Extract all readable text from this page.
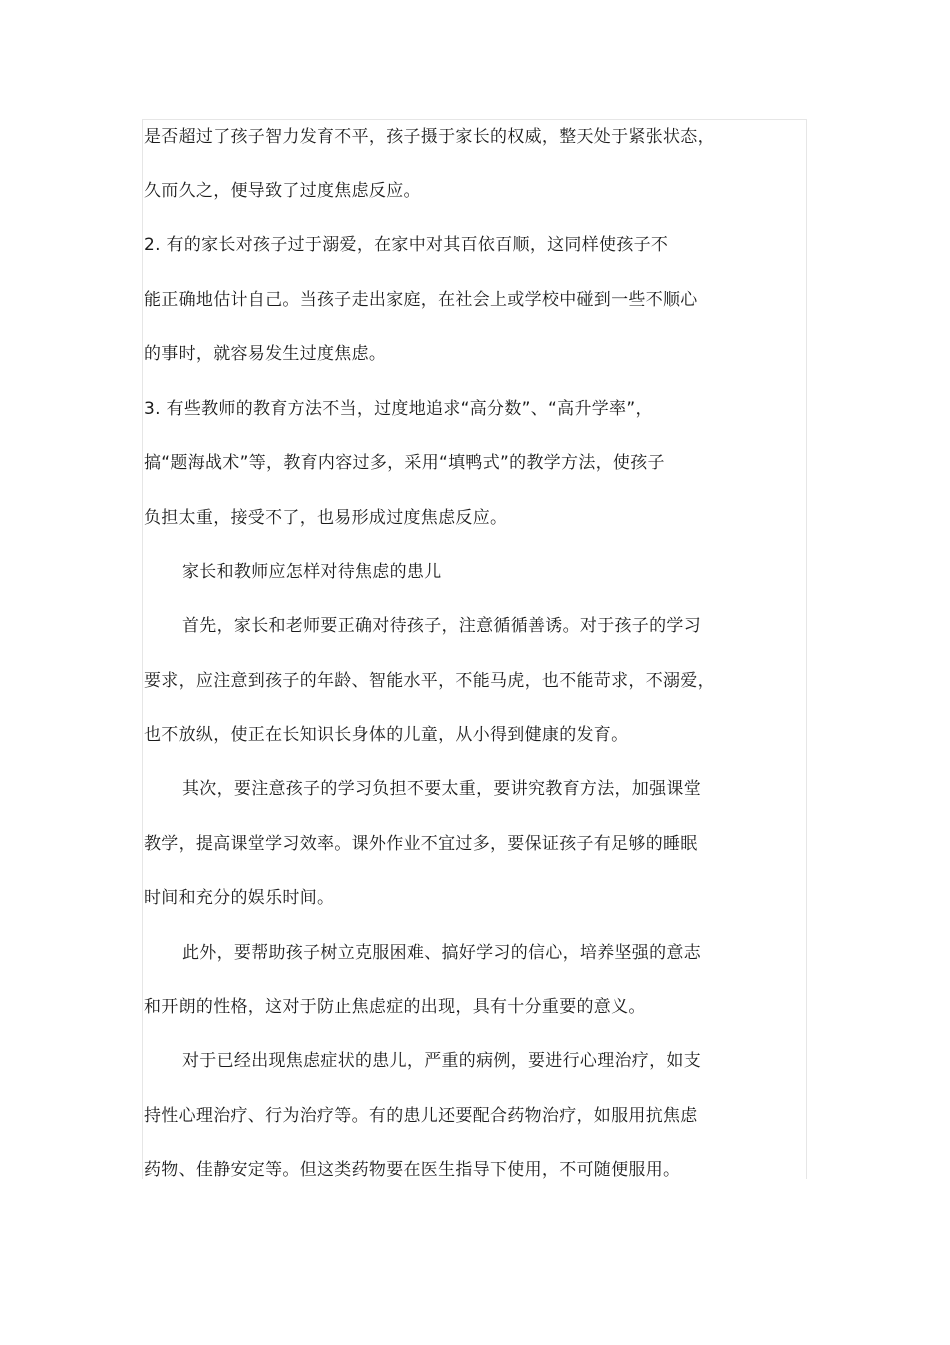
是否超过了孩子智力发育不平，孩子摄于家长的权威，整天处于紧张状态，
久而久之，便导致了过度焦虑反应。
2. 有的家长对孩子过于溺爱，在家中对其百依百顺，这同样使孩子不
能正确地估计自己。当孩子走出家庭，在社会上或学校中碰到一些不顺心
的事时，就容易发生过度焦虑。
3. 有些教师的教育方法不当，过度地追求“高分数”、“高升学率”，
搞“题海战术”等，教育内容过多，采用“填鸭式”的教学方法，使孩子
负担太重，接受不了，也易形成过度焦虑反应。
家长和教师应怎样对待焦虑的患儿
首先，家长和老师要正确对待孩子，注意循循善诱。对于孩子的学习
要求，应注意到孩子的年龄、智能水平，不能马虎，也不能苛求，不溺爱，
也不放纵，使正在长知识长身体的儿童，从小得到健康的发育。
其次，要注意孩子的学习负担不要太重，要讲究教育方法，加强课堂
教学，提高课堂学习效率。课外作业不宜过多，要保证孩子有足够的睡眠
时间和充分的娱乐时间。
此外，要帮助孩子树立克服困难、搞好学习的信心，培养坚强的意志
和开朗的性格，这对于防止焦虑症的出现，具有十分重要的意义。
对于已经出现焦虑症状的患儿，严重的病例，要进行心理治疗，如支
持性心理治疗、行为治疗等。有的患儿还要配合药物治疗，如服用抗焦虑
药物、佳静安定等。但这类药物要在医生指导下使用，不可随便服用。
